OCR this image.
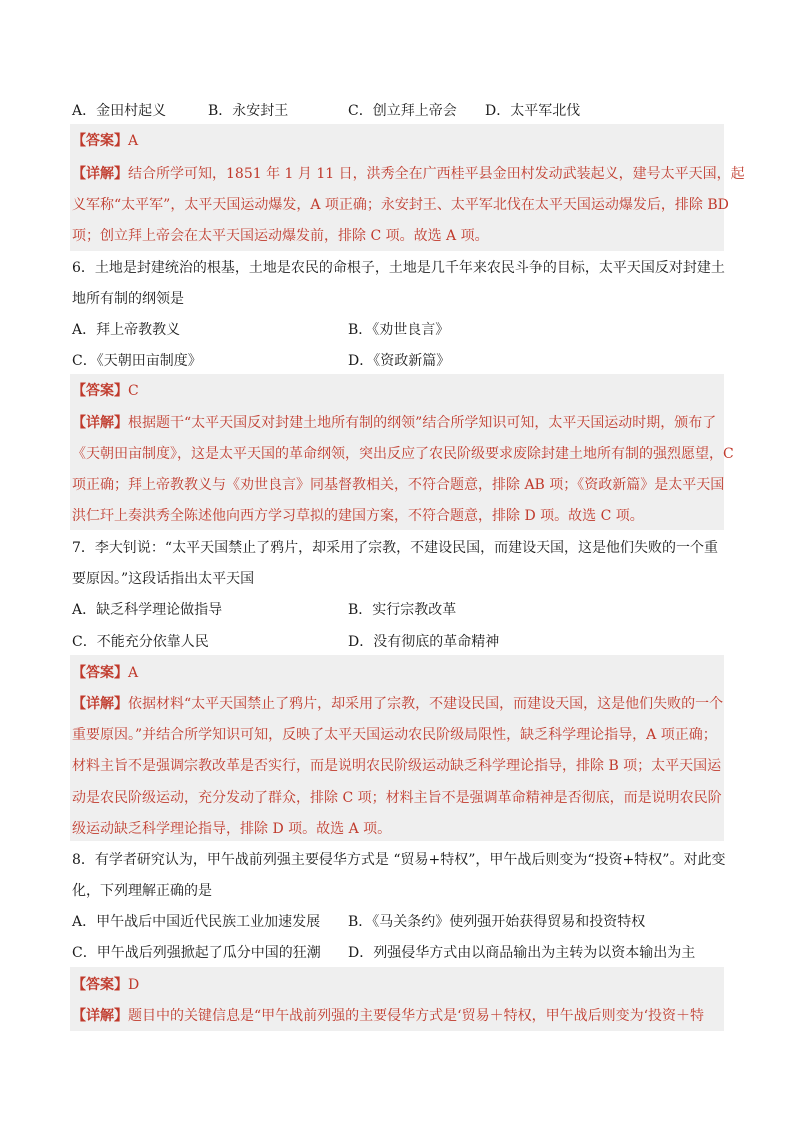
A．金田村起义	B．永安封王	C．创立拜上帝会 D．太平军北伐
【答案】A
【详解】结合所学可知，1851 年 1 月 11 日，洪秀全在广西桂平县金田村发动武装起义，建号太平天国，起
义军称“太平军”，太平天国运动爆发，A 项正确；永安封王、太平军北伐在太平天国运动爆发后，排除 BD
项；创立拜上帝会在太平天国运动爆发前，排除 C 项。故选 A 项。
6．土地是封建统治的根基，土地是农民的命根子，土地是几千年来农民斗争的目标，太平天国反对封建土
地所有制的纲领是
A．拜上帝教教义	B．《劝世良言》
C．《天朝田亩制度》	D．《资政新篇》
【答案】C
【详解】根据题干“太平天国反对封建土地所有制的纲领”结合所学知识可知，太平天国运动时期，颁布了
《天朝田亩制度》，这是太平天国的革命纲领，突出反应了农民阶级要求废除封建土地所有制的强烈愿望，C
项正确；拜上帝教教义与《劝世良言》同基督教相关，不符合题意，排除 AB 项；《资政新篇》是太平天国
洪仁玕上奏洪秀全陈述他向西方学习草拟的建国方案，不符合题意，排除 D 项。故选 C 项。
7．李大钊说：“太平天国禁止了鸦片，却采用了宗教，不建设民国，而建设天国，这是他们失败的一个重
要原因。”这段话指出太平天国
A．缺乏科学理论做指导	B．实行宗教改革
C．不能充分依靠人民	D．没有彻底的革命精神
【答案】A
【详解】依据材料“太平天国禁止了鸦片，却采用了宗教，不建设民国，而建设天国，这是他们失败的一个
重要原因。”并结合所学知识可知，反映了太平天国运动农民阶级局限性，缺乏科学理论指导，A 项正确；
材料主旨不是强调宗教改革是否实行，而是说明农民阶级运动缺乏科学理论指导，排除 B 项；太平天国运
动是农民阶级运动，充分发动了群众，排除 C 项；材料主旨不是强调革命精神是否彻底，而是说明农民阶
级运动缺乏科学理论指导，排除 D 项。故选 A 项。
8．有学者研究认为，甲午战前列强主要侵华方式是 “贸易+特权”，甲午战后则变为“投资+特权”。对此变
化，下列理解正确的是
A．甲午战后中国近代民族工业加速发展 B．《马关条约》使列强开始获得贸易和投资特权
C．甲午战后列强掀起了瓜分中国的狂潮 D．列强侵华方式由以商品输出为主转为以资本输出为主
【答案】D
【详解】题目中的关键信息是“甲午战前列强的主要侵华方式是‘贸易＋特权，甲午战后则变为‘投资＋特
